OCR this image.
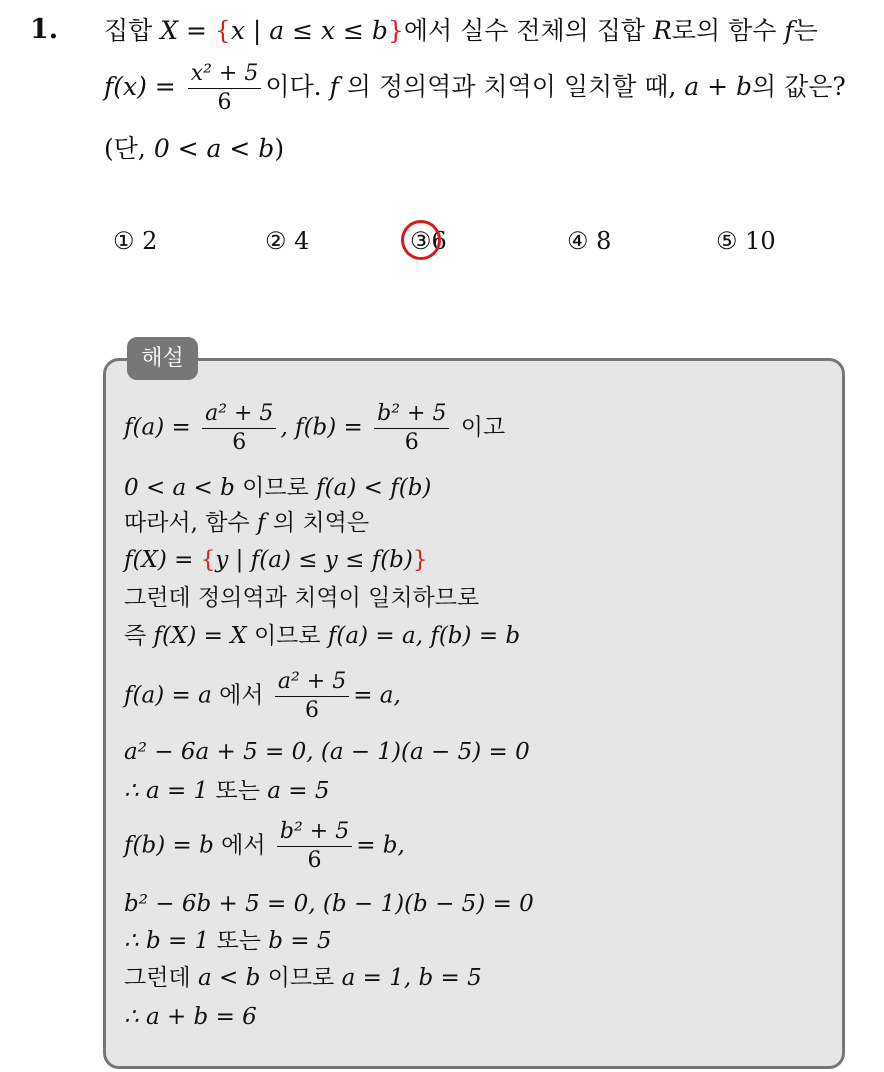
1. 집합 X = {x | a ≤ x ≤ b}에서 실수 전체의 집합 R로의 함수 f는
$f(x) = \frac{\text{x² + 5}}{6}$ 이다. f 의 정의역과 치역이 일치할 때, a + b의 값은?
(단, 0 < a < b)
① 2	② 4	③6	④ 8	⑤ 10
해설
$f(a) = \frac{\text{a² + 5}}{6}$ , $f(b) = \frac{\text{b² + 5}}{6}$ 이고
0 < a < b 이므로 f(a) < f(b)
따라서, 함수 f 의 치역은
f(X) = {y | f(a) ≤ y ≤ f(b)}
그런데 정의역과 치역이 일치하므로
즉 f(X) = X 이므로 f(a) = a, f(b) = b
f(a) = a 에서 $\frac{\text{a² + 5}}{6} = a$,
a² − 6a + 5 = 0, (a − 1)(a − 5) = 0
∴ a = 1 또는 a = 5
f(b) = b 에서 $\frac{\text{b² + 5}}{6} = b$,
b² − 6b + 5 = 0, (b − 1)(b − 5) = 0
∴ b = 1 또는 b = 5
그런데 a < b 이므로 a = 1, b = 5
∴ a + b = 6
